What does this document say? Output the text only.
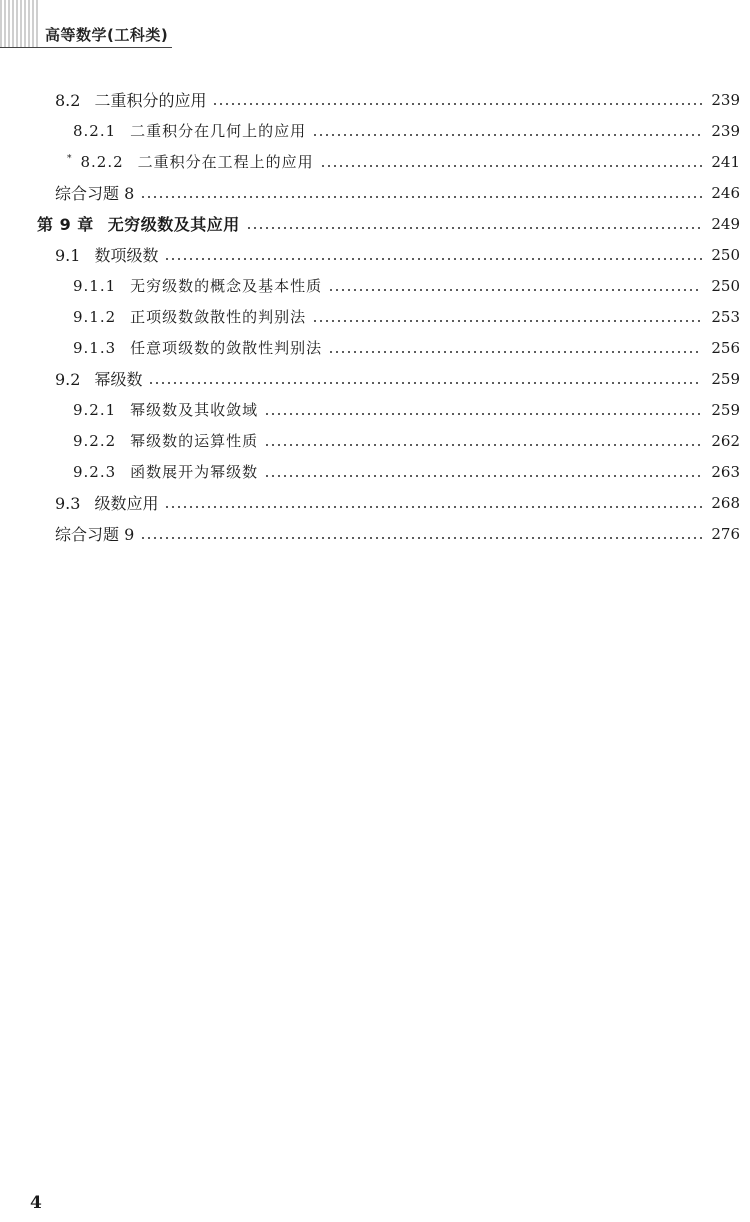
高等数学(工科类)
8.2 二重积分的应用	239
8.2.1 二重积分在几何上的应用	239
* 8.2.2 二重积分在工程上的应用	241
综合习题 8	246
第 9 章 无穷级数及其应用	249
9.1 数项级数	250
9.1.1 无穷级数的概念及基本性质	250
9.1.2 正项级数敛散性的判别法	253
9.1.3 任意项级数的敛散性判别法	256
9.2 幂级数	259
9.2.1 幂级数及其收敛域	259
9.2.2 幂级数的运算性质	262
9.2.3 函数展开为幂级数	263
9.3 级数应用	268
综合习题 9	276
4
